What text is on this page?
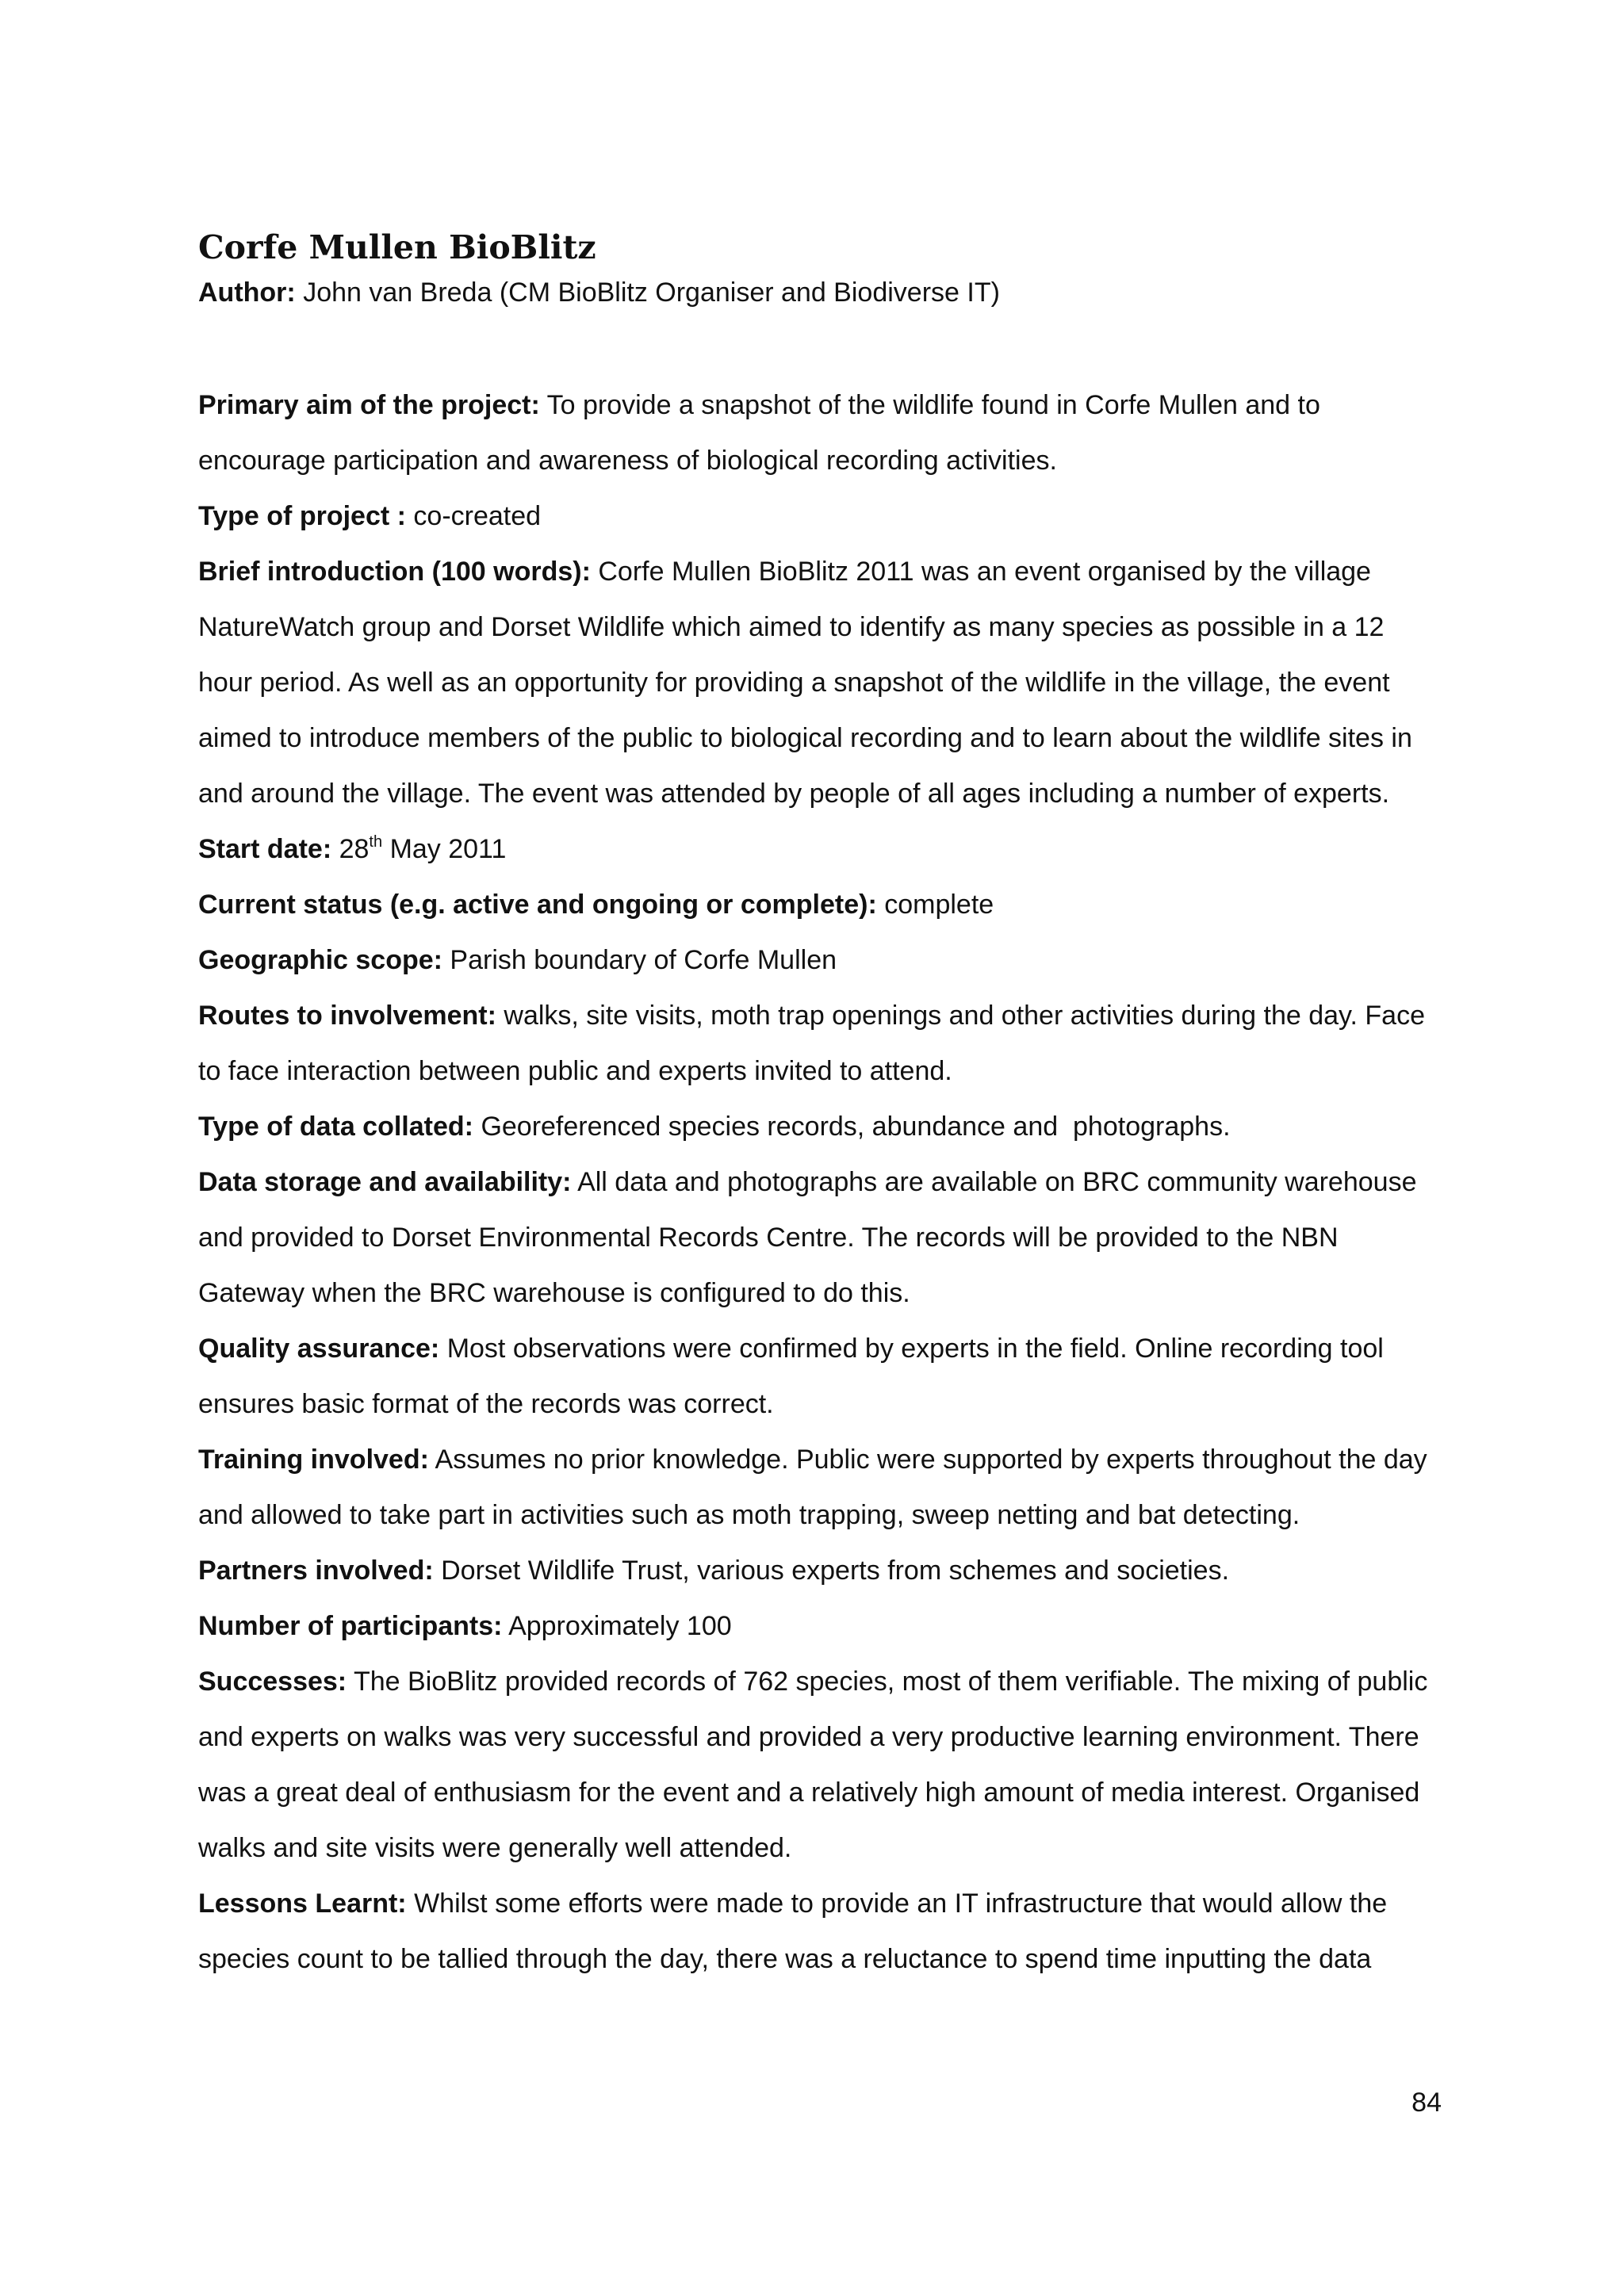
Corfe Mullen BioBlitz

Author: John van Breda (CM BioBlitz Organiser and Biodiverse IT)

Primary aim of the project: To provide a snapshot of the wildlife found in Corfe Mullen and to encourage participation and awareness of biological recording activities.

Type of project : co-created

Brief introduction (100 words): Corfe Mullen BioBlitz 2011 was an event organised by the village NatureWatch group and Dorset Wildlife which aimed to identify as many species as possible in a 12 hour period. As well as an opportunity for providing a snapshot of the wildlife in the village, the event aimed to introduce members of the public to biological recording and to learn about the wildlife sites in and around the village. The event was attended by people of all ages including a number of experts.

Start date: 28th May 2011

Current status (e.g. active and ongoing or complete): complete

Geographic scope: Parish boundary of Corfe Mullen

Routes to involvement: walks, site visits, moth trap openings and other activities during the day. Face to face interaction between public and experts invited to attend.

Type of data collated: Georeferenced species records, abundance and  photographs.

Data storage and availability: All data and photographs are available on BRC community warehouse and provided to Dorset Environmental Records Centre. The records will be provided to the NBN Gateway when the BRC warehouse is configured to do this.

Quality assurance: Most observations were confirmed by experts in the field. Online recording tool ensures basic format of the records was correct.

Training involved: Assumes no prior knowledge. Public were supported by experts throughout the day and allowed to take part in activities such as moth trapping, sweep netting and bat detecting.

Partners involved: Dorset Wildlife Trust, various experts from schemes and societies.

Number of participants: Approximately 100

Successes: The BioBlitz provided records of 762 species, most of them verifiable. The mixing of public and experts on walks was very successful and provided a very productive learning environment. There was a great deal of enthusiasm for the event and a relatively high amount of media interest. Organised walks and site visits were generally well attended.

Lessons Learnt: Whilst some efforts were made to provide an IT infrastructure that would allow the species count to be tallied through the day, there was a reluctance to spend time inputting the data

84
